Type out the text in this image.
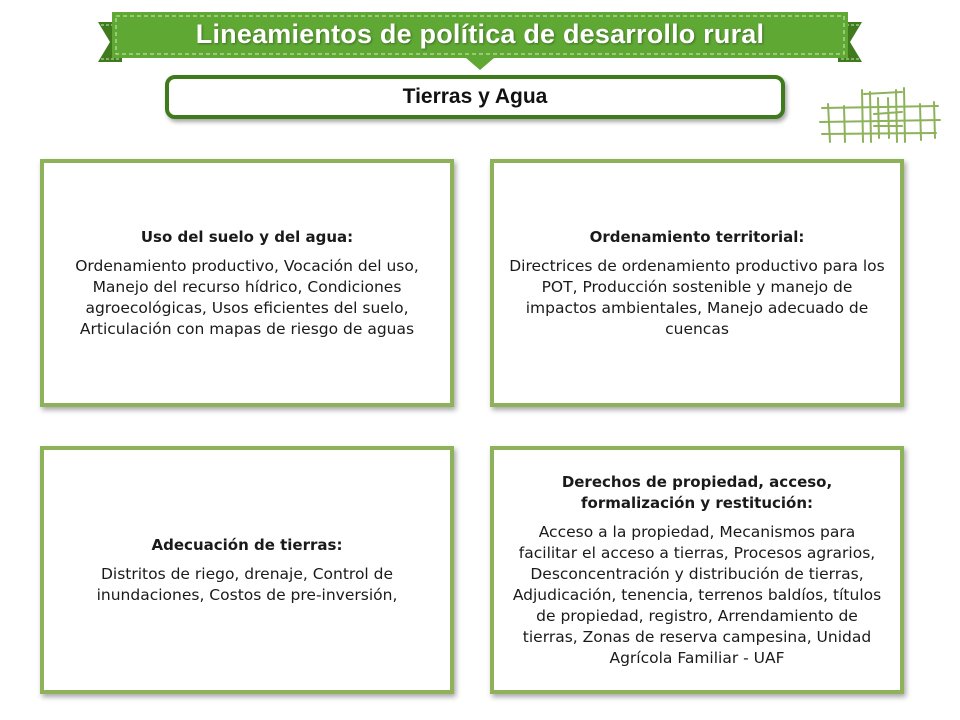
Lineamientos de política de desarrollo rural
Tierras y Agua
Uso del suelo y del agua:
Ordenamiento productivo, Vocación del uso, Manejo del recurso hídrico, Condiciones agroecológicas, Usos eficientes del suelo, Articulación con mapas de riesgo de aguas
Ordenamiento territorial:
Directrices de ordenamiento productivo para los POT, Producción sostenible y manejo de impactos ambientales, Manejo adecuado de cuencas
Adecuación de tierras:
Distritos de riego, drenaje, Control de inundaciones, Costos de pre-inversión,
Derechos de propiedad, acceso, formalización y restitución:
Acceso a la propiedad, Mecanismos para facilitar el acceso a tierras, Procesos agrarios, Desconcentración y distribución de tierras, Adjudicación, tenencia, terrenos baldíos, títulos de propiedad, registro, Arrendamiento de tierras, Zonas de reserva campesina, Unidad Agrícola Familiar - UAF
